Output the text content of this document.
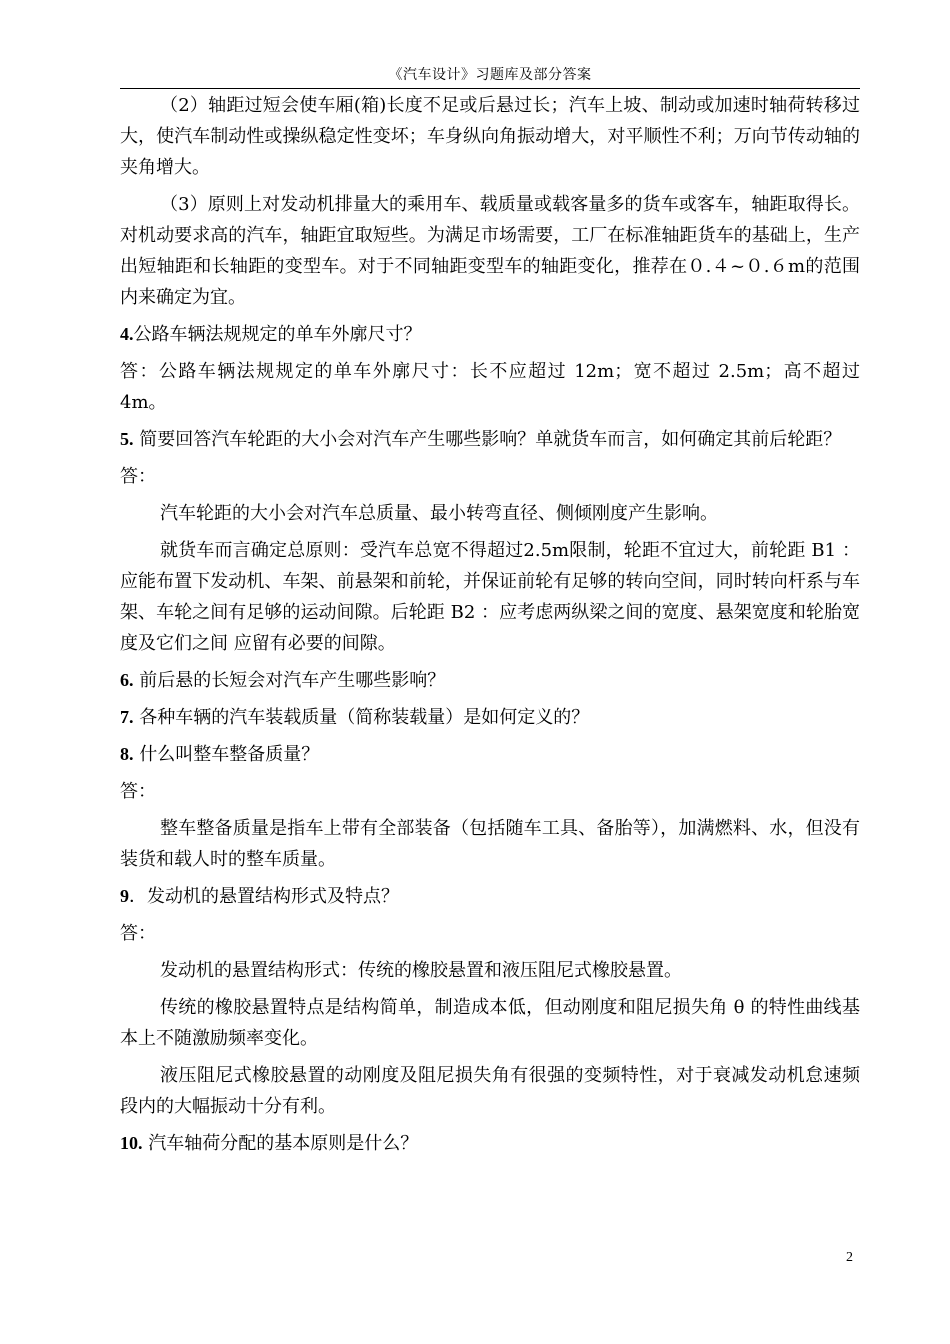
《汽车设计》习题库及部分答案

（2）轴距过短会使车厢(箱)长度不足或后悬过长；汽车上坡、制动或加速时轴荷转移过大，使汽车制动性或操纵稳定性变坏；车身纵向角振动增大，对平顺性不利；万向节传动轴的夹角增大。

（3）原则上对发动机排量大的乘用车、载质量或载客量多的货车或客车，轴距取得长。对机动要求高的汽车，轴距宜取短些。为满足市场需要，工厂在标准轴距货车的基础上，生产出短轴距和长轴距的变型车。对于不同轴距变型车的轴距变化，推荐在０.４~０.６m的范围内来确定为宜。

4.公路车辆法规规定的单车外廓尺寸？

答：公路车辆法规规定的单车外廓尺寸：长不应超过 12m；宽不超过 2.5m；高不超过 4m。

5. 简要回答汽车轮距的大小会对汽车产生哪些影响？单就货车而言，如何确定其前后轮距？

答：

汽车轮距的大小会对汽车总质量、最小转弯直径、侧倾刚度产生影响。

就货车而言确定总原则：受汽车总宽不得超过2.5m限制，轮距不宜过大，前轮距 B1 ：应能布置下发动机、车架、前悬架和前轮，并保证前轮有足够的转向空间，同时转向杆系与车架、车轮之间有足够的运动间隙。后轮距 B2 ：应考虑两纵梁之间的宽度、悬架宽度和轮胎宽度及它们之间 应留有必要的间隙。

6. 前后悬的长短会对汽车产生哪些影响？

7. 各种车辆的汽车装载质量（简称装载量）是如何定义的？

8. 什么叫整车整备质量？

答：

整车整备质量是指车上带有全部装备（包括随车工具、备胎等），加满燃料、水，但没有装货和载人时的整车质量。

9．发动机的悬置结构形式及特点？

答：

发动机的悬置结构形式：传统的橡胶悬置和液压阻尼式橡胶悬置。

传统的橡胶悬置特点是结构简单，制造成本低，但动刚度和阻尼损失角 θ 的特性曲线基本上不随激励频率变化。

液压阻尼式橡胶悬置的动刚度及阻尼损失角有很强的变频特性，对于衰减发动机怠速频段内的大幅振动十分有利。

10. 汽车轴荷分配的基本原则是什么？

2
